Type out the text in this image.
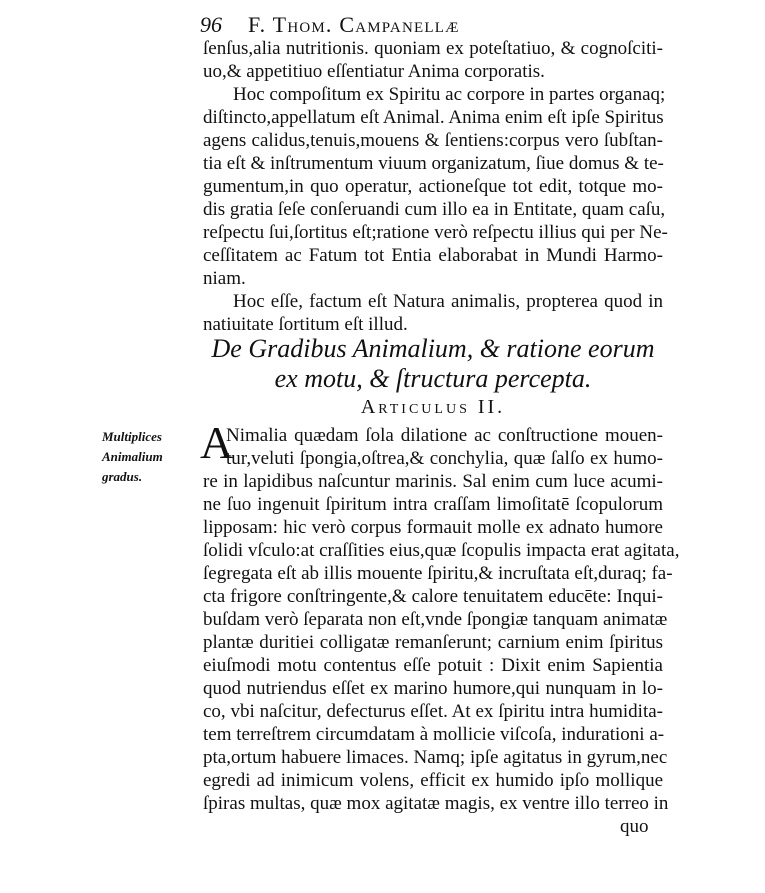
96 F. Thom. Campanellæ
ſenſus,alia nutritionis. quoniam ex poteſtatiuo, & cognoſciti-
uo,& appetitiuo eſſentiatur Anima corporatis.
Hoc compoſitum ex Spiritu ac corpore in partes organaq;
diſtincto,appellatum eſt Animal. Anima enim eſt ipſe Spiritus
agens calidus,tenuis,mouens & ſentiens:corpus vero ſubſtan-
tia eſt & inſtrumentum viuum organizatum, ſiue domus & te-
gumentum,in quo operatur, actioneſque tot edit, totque mo-
dis gratia ſeſe conſeruandi cum illo ea in Entitate, quam caſu,
reſpectu ſui,ſortitus eſt;ratione verò reſpectu illius qui per Ne-
ceſſitatem ac Fatum tot Entia elaborabat in Mundi Harmo-
niam.
Hoc eſſe, factum eſt Natura animalis, propterea quod in
natiuitate ſortitum eſt illud.
De Gradibus Animalium, & ratione eorum
ex motu, & ſtructura percepta.
Articulus II.
Multiplices
Animalium
gradus.
A
Nimalia quædam ſola dilatione ac conſtructione mouen-
tur,veluti ſpongia,oſtrea,& conchylia, quæ ſalſo ex humo-
re in lapidibus naſcuntur marinis. Sal enim cum luce acumi-
ne ſuo ingenuit ſpiritum intra craſſam limoſitatē ſcopulorum
lipposam: hic verò corpus formauit molle ex adnato humore
ſolidi vſculo:at craſſities eius,quæ ſcopulis impacta erat agitata,
ſegregata eſt ab illis mouente ſpiritu,& incruſtata eſt,duraq; fa-
cta frigore conſtringente,& calore tenuitatem educēte: Inqui-
buſdam verò ſeparata non eſt,vnde ſpongiæ tanquam animatæ
plantæ duritiei colligatæ remanſerunt; carnium enim ſpiritus
eiuſmodi motu contentus eſſe potuit : Dixit enim Sapientia
quod nutriendus eſſet ex marino humore,qui nunquam in lo-
co, vbi naſcitur, defecturus eſſet. At ex ſpiritu intra humidita-
tem terreſtrem circumdatam à mollicie viſcoſa, indurationi a-
pta,ortum habuere limaces. Namq; ipſe agitatus in gyrum,nec
egredi ad inimicum volens, efficit ex humido ipſo mollique
ſpiras multas, quæ mox agitatæ magis, ex ventre illo terreo in
quo
